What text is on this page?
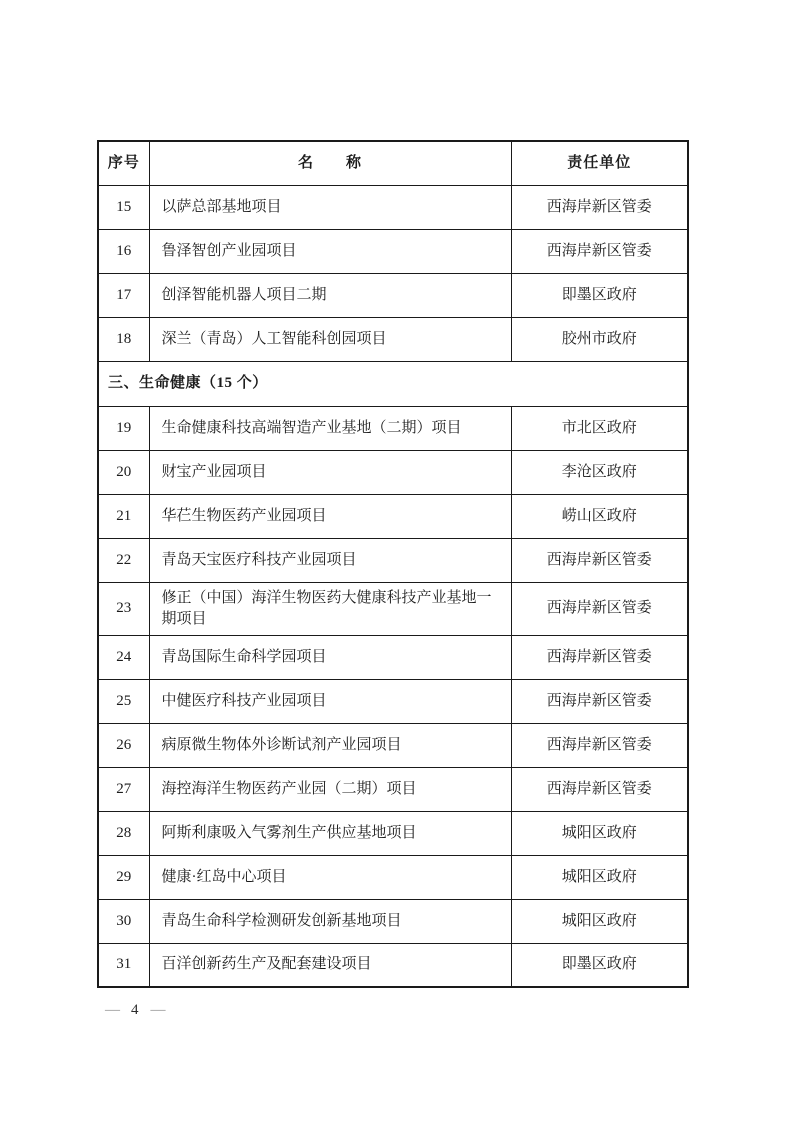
序号	名　　称	责任单位
15	以萨总部基地项目	西海岸新区管委
16	鲁泽智创产业园项目	西海岸新区管委
17	创泽智能机器人项目二期	即墨区政府
18	深兰（青岛）人工智能科创园项目	胶州市政府
三、生命健康（15 个）		
19	生命健康科技高端智造产业基地（二期）项目	市北区政府
20	财宝产业园项目	李沧区政府
21	华芢生物医药产业园项目	崂山区政府
22	青岛天宝医疗科技产业园项目	西海岸新区管委
23	修正（中国）海洋生物医药大健康科技产业基地一期项目	西海岸新区管委
24	青岛国际生命科学园项目	西海岸新区管委
25	中健医疗科技产业园项目	西海岸新区管委
26	病原微生物体外诊断试剂产业园项目	西海岸新区管委
27	海控海洋生物医药产业园（二期）项目	西海岸新区管委
28	阿斯利康吸入气雾剂生产供应基地项目	城阳区政府
29	健康·红岛中心项目	城阳区政府
30	青岛生命科学检测研发创新基地项目	城阳区政府
31	百洋创新药生产及配套建设项目	即墨区政府
— 4 —
